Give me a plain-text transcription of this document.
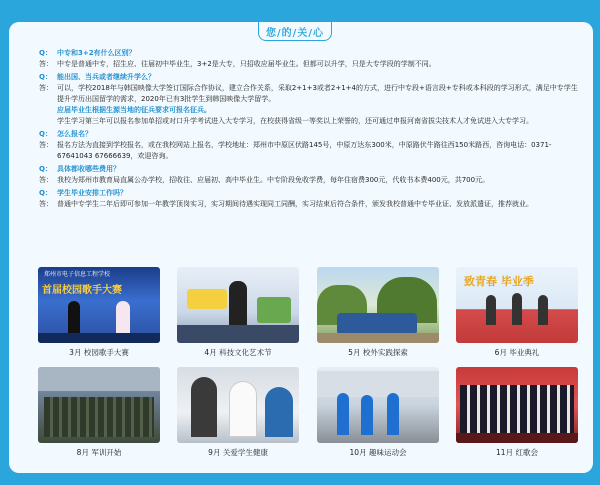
您/的/关/心
Q： 中专和3+2有什么区别？
答： 中专是普通中专，招生应、往届初中毕业生，3+2是大专，只招收应届毕业生。但都可以升学，只是大专学段的学制不同。
Q： 能出国、当兵或者继续升学么？
答： 可以，学校2018年与韩国映像大学签订国际合作协议，建立合作关系，采取2+1+3或者2+1+4的方式，进行中专段+语言段+专科或本科段的学习形式，满足中专学生提升学历出国留学的需求，2020年已有3批学生到韩国映像大学留学。
应届毕业生根据生源当地的征兵要求可报名征兵。
学生学习第三年可以报名参加单招或对口升学考试进入大专学习，在校获得省级一等奖以上荣誉的，还可通过申报河南省拔尖技术人才免试进入大专学习。
Q： 怎么报名？
答： 报名方法为直接到学校报名，或在我校网站上报名，学校地址：郑州市中原区伏路145号，中原万达东300米，中原路伏牛路往西150米路西，咨询电话：0371-67641043 67666639，欢迎咨询。
Q： 具体都收哪些费用？
答： 我校为郑州市教育局直属公办学校，招收往、应届初、高中毕业生。中专阶段免收学费，每年住宿费300元，代收书本费400元，共700元。
Q： 学生毕业安排工作吗？
答： 普通中专学生二年后即可参加一年教学顶岗实习，实习期间待遇实现同工同酬，实习结束后符合条件，颁发我校普通中专毕业证、发放派遣证，推荐就业。
郑州市电子信息工程学校
首届校园歌手大赛
3月 校园歌手大赛	4月 科技文化艺术节	5月 校外实践探索
致青春 毕业季
6月 毕业典礼
8月 军训开始	9月 关爱学生健康	10月 趣味运动会	11月 红歌会
